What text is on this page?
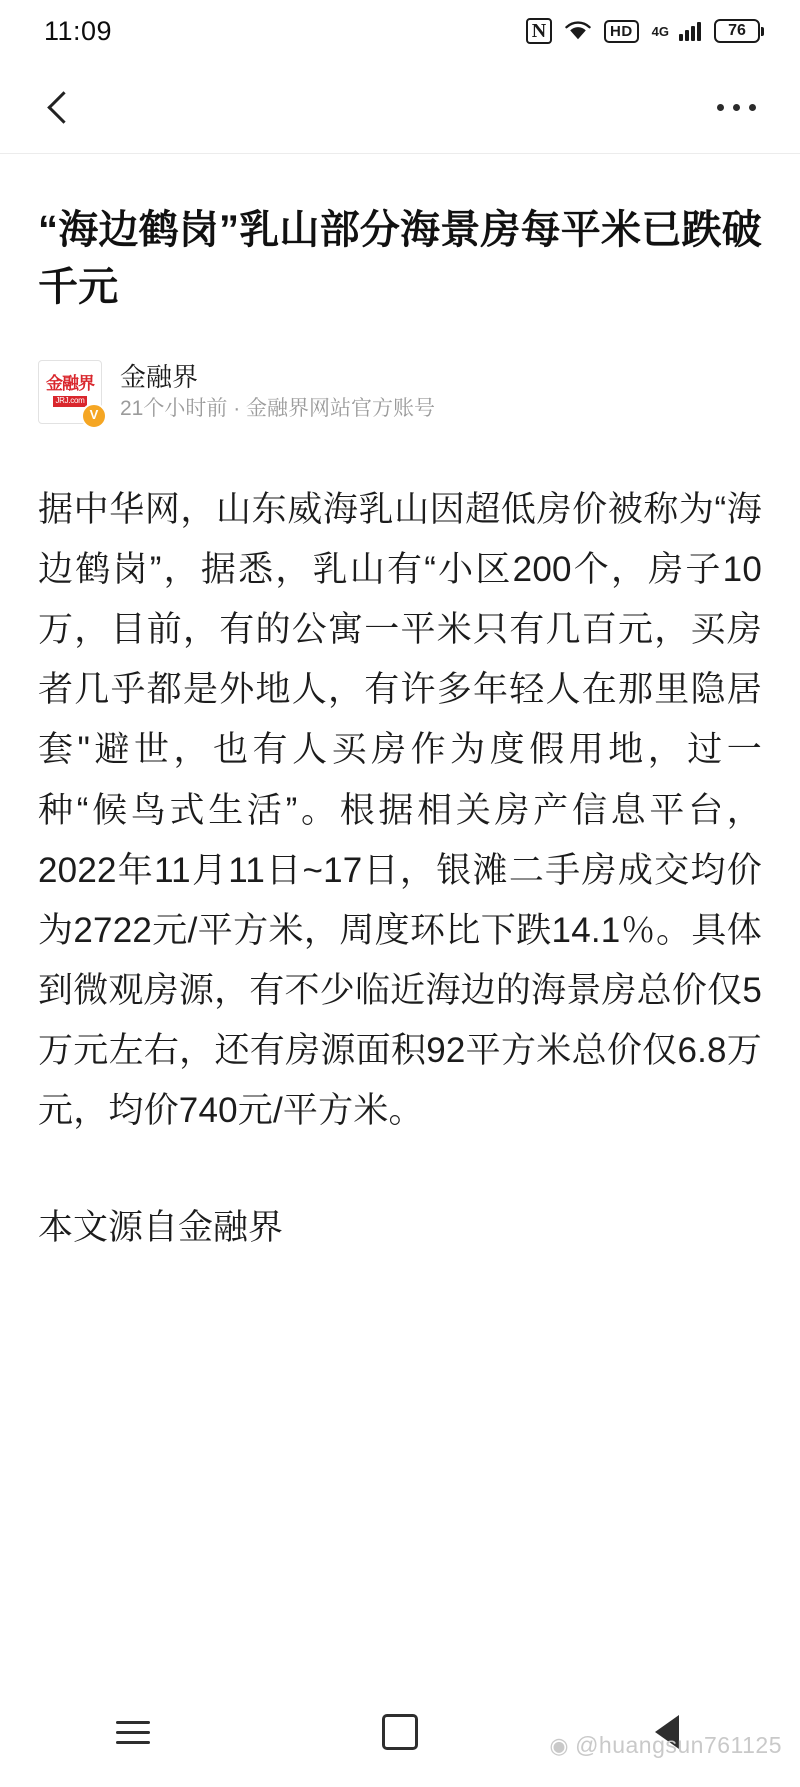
11:09	N	HD	4G	76
“海边鹤岗”乳山部分海景房每平米已跌破千元
金融界
JRJ.com
V
金融界
21个小时前 · 金融界网站官方账号

据中华网，山东威海乳山因超低房价被称为“海边鹤岗”，据悉，乳山有“小区200个，房子10万，目前，有的公寓一平米只有几百元，买房者几乎都是外地人，有许多年轻人在那里隐居套"避世，也有人买房作为度假用地，过一种“候鸟式生活”。根据相关房产信息平台，2022年11月11日~17日，银滩二手房成交均价为2722元/平方米，周度环比下跌14.1％。具体到微观房源，有不少临近海边的海景房总价仅5万元左右，还有房源面积92平方米总价仅6.8万元，均价740元/平方米。

本文源自金融界

◉ @huangsun761125
